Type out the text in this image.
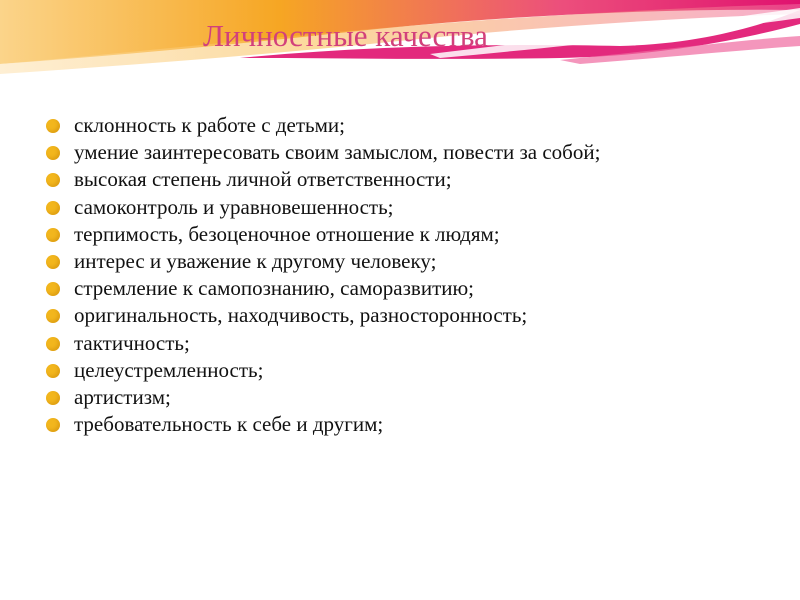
Личностные качества
склонность к работе с детьми;
умение заинтересовать своим замыслом, повести за собой;
высокая степень личной ответственности;
самоконтроль и уравновешенность;
терпимость, безоценочное отношение к людям;
интерес и уважение к другому человеку;
стремление к самопознанию, саморазвитию;
оригинальность, находчивость, разносторонность;
тактичность;
целеустремленность;
артистизм;
требовательность к себе и другим;
